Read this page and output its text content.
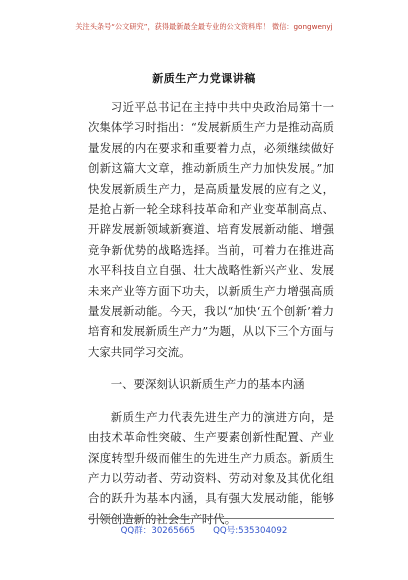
关注头条号“公文研究”，获得最新最全最专业的公文资料库！ 微信：gongwenyj
新质生产力党课讲稿

习近平总书记在主持中共中央政治局第十一次集体学习时指出：“发展新质生产力是推动高质量发展的内在要求和重要着力点，必须继续做好创新这篇大文章，推动新质生产力加快发展。”加快发展新质生产力，是高质量发展的应有之义，是抢占新一轮全球科技革命和产业变革制高点、开辟发展新领域新赛道、培育发展新动能、增强竞争新优势的战略选择。当前，可着力在推进高水平科技自立自强、壮大战略性新兴产业、发展未来产业等方面下功夫，以新质生产力增强高质量发展新动能。今天，我以“加快‘五个创新’着力培育和发展新质生产力”为题，从以下三个方面与大家共同学习交流。

一、要深刻认识新质生产力的基本内涵

新质生产力代表先进生产力的演进方向，是由技术革命性突破、生产要素创新性配置、产业深度转型升级而催生的先进生产力质态。新质生产力以劳动者、劳动资料、劳动对象及其优化组合的跃升为基本内涵，具有强大发展动能，能够引领创造新的社会生产时代。

QQ群：30265665 QQ号:535304092
